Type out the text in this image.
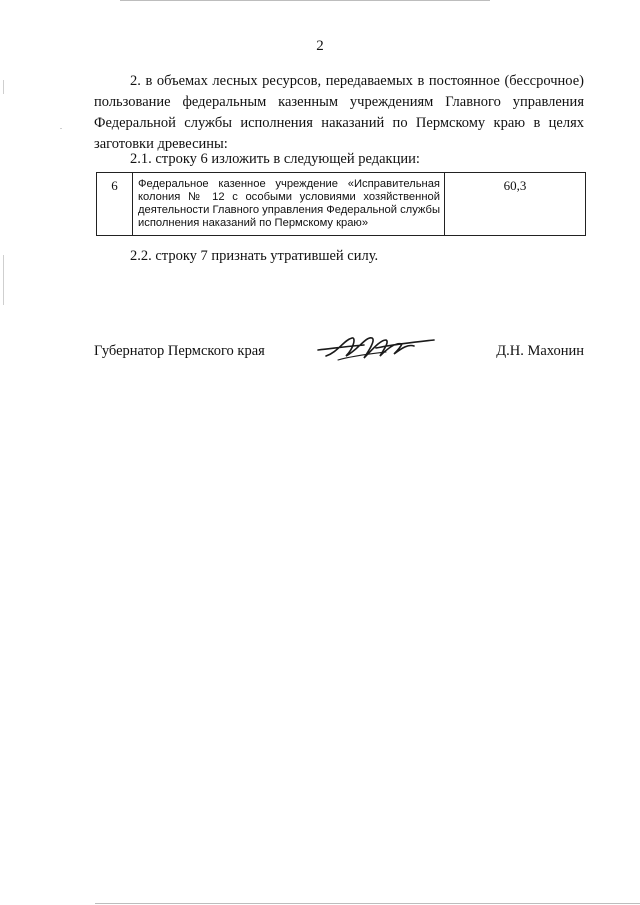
2

2. в объемах лесных ресурсов, передаваемых в постоянное (бессрочное) пользование федеральным казенным учреждениям Главного управления Федеральной службы исполнения наказаний по Пермскому краю в целях заготовки древесины:

2.1. строку 6 изложить в следующей редакции:

6	Федеральное казенное учреждение «Исправительная колония № 12 с особыми условиями хозяйственной деятельности Главного управления Федеральной службы исполнения наказаний по Пермскому краю»
60,3

2.2. строку 7 признать утратившей силу.

Губернатор Пермского края	Д.Н. Махонин
